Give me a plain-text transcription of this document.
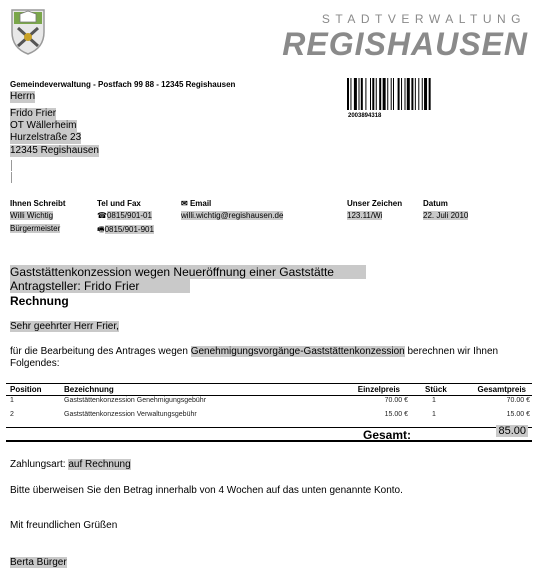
STADTVERWALTUNG
REGISHAUSEN
Gemeindeverwaltung - Postfach 99 88 - 12345 Regishausen
2003894318
Herrn
Frido Frier
OT Wällerheim
Hurzelstraße 23
12345 Regishausen
Ihnen Schreibt
Willi Wichtig
Bürgermeister
Tel und Fax
☎0815/901-01
🖷0815/901-901
✉ Email
willi.wichtig@regishausen.de
Unser Zeichen
123.11/Wi
Datum
22. Juli 2010
Gaststättenkonzession wegen Neueröffnung einer Gaststätte
Antragsteller: Frido Frier
Rechnung
Sehr geehrter Herr Frier,
für die Bearbeitung des Antrages wegen Genehmigungsvorgänge-Gaststättenkonzession berechnen wir Ihnen Folgendes:
Position	Bezeichnung	Einzelpreis	Stück	Gesamtpreis
1	Gaststättenkonzession Genehmigungsgebühr	70.00 €	1	70.00 €
2	Gaststättenkonzession Verwaltungsgebühr	15.00 €	1	15.00 €
Gesamt:	85.00
Zahlungsart: auf Rechnung
Bitte überweisen Sie den Betrag innerhalb von 4 Wochen auf das unten genannte Konto.
Mit freundlichen Grüßen
Berta Bürger
